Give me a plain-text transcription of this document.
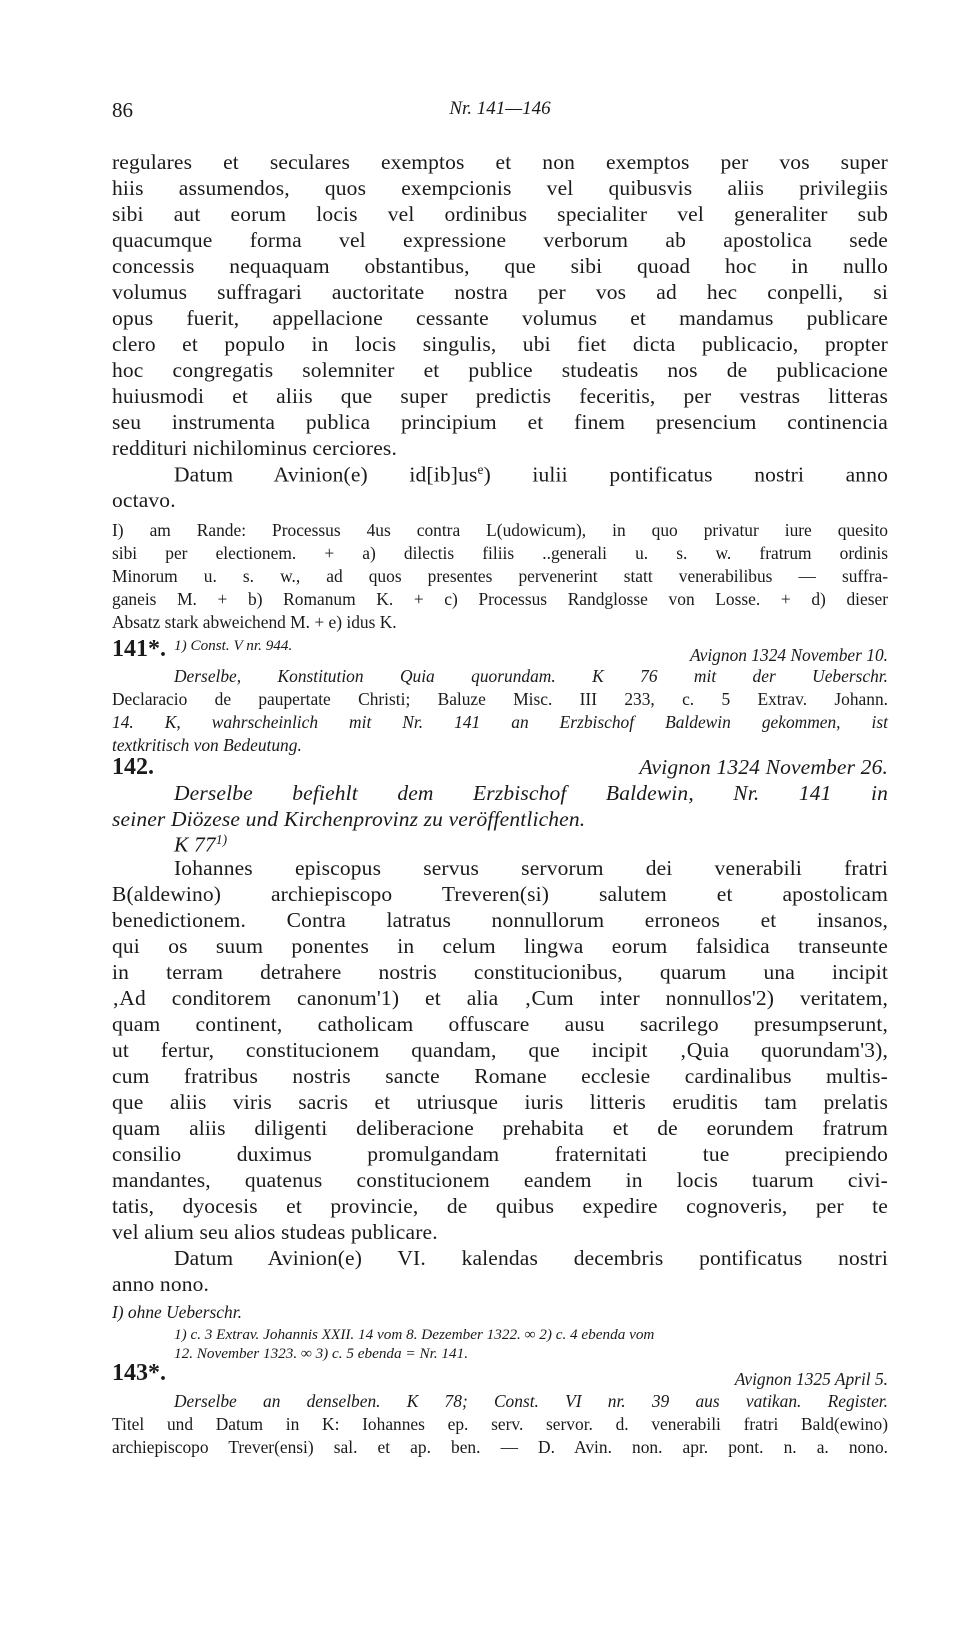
86	Nr. 141—146
regulares et seculares exemptos et non exemptos per vos super
hiis assumendos, quos exempcionis vel quibusvis aliis privilegiis
sibi aut eorum locis vel ordinibus specialiter vel generaliter sub
quacumque forma vel expressione verborum ab apostolica sede
concessis nequaquam obstantibus, que sibi quoad hoc in nullo
volumus suffragari auctoritate nostra per vos ad hec conpelli, si
opus fuerit, appellacione cessante volumus et mandamus publicare
clero et populo in locis singulis, ubi fiet dicta publicacio, propter
hoc congregatis solemniter et publice studeatis nos de publicacione
huiusmodi et aliis que super predictis feceritis, per vestras litteras
seu instrumenta publica principium et finem presencium continencia
reddituri nichilominus cerciores.
Datum Avinion(e) $id[ib]us^e$) iulii pontificatus nostri anno
octavo.
I) am Rande: Processus 4us contra L(udowicum), in quo privatur iure quesito
sibi per electionem. + a) dilectis filiis ..generali u. s. w. fratrum ordinis
Minorum u. s. w., ad quos presentes pervenerint statt venerabilibus — suffra-
ganeis M. + b) Romanum K. + c) Processus Randglosse von Losse. + d) dieser
Absatz stark abweichend M. + e) idus K.
1) Const. V nr. 944.
141*.	Avignon 1324 November 10.
Derselbe, Konstitution Quia quorundam. K 76 mit der Ueberschr.
Declaracio de paupertate Christi; Baluze Misc. III 233, c. 5 Extrav. Johann.
14. K, wahrscheinlich mit Nr. 141 an Erzbischof Baldewin gekommen, ist
textkritisch von Bedeutung.
142.	Avignon 1324 November 26.
Derselbe befiehlt dem Erzbischof Baldewin, Nr. 141 in
seiner Diözese und Kirchenprovinz zu veröffentlichen.
K 77$^{1)}$
Iohannes episcopus servus servorum dei venerabili fratri
B(aldewino) archiepiscopo Treveren(si) salutem et apostolicam
benedictionem. Contra latratus nonnullorum erroneos et insanos,
qui os suum ponentes in celum lingwa eorum falsidica transeunte
in terram detrahere nostris constitucionibus, quarum una incipit
‚Ad conditorem canonum'1) et alia ‚Cum inter nonnullos'2) veritatem,
quam continent, catholicam offuscare ausu sacrilego presumpserunt,
ut fertur, constitucionem quandam, que incipit ‚Quia quorundam'3),
cum fratribus nostris sancte Romane ecclesie cardinalibus multis-
que aliis viris sacris et utriusque iuris litteris eruditis tam prelatis
quam aliis diligenti deliberacione prehabita et de eorundem fratrum
consilio duximus promulgandam fraternitati tue precipiendo
mandantes, quatenus constitucionem eandem in locis tuarum civi-
tatis, dyocesis et provincie, de quibus expedire cognoveris, per te
vel alium seu alios studeas publicare.
Datum Avinion(e) VI. kalendas decembris pontificatus nostri
anno nono.
I) ohne Ueberschr.
1) c. 3 Extrav. Johannis XXII. 14 vom 8. Dezember 1322. ∞ 2) c. 4 ebenda vom
12. November 1323. ∞ 3) c. 5 ebenda = Nr. 141.
143*.	Avignon 1325 April 5.
Derselbe an denselben. K 78; Const. VI nr. 39 aus vatikan. Register.
Titel und Datum in K: Iohannes ep. serv. servor. d. venerabili fratri Bald(ewino)
archiepiscopo Trever(ensi) sal. et ap. ben. — D. Avin. non. apr. pont. n. a. nono.
